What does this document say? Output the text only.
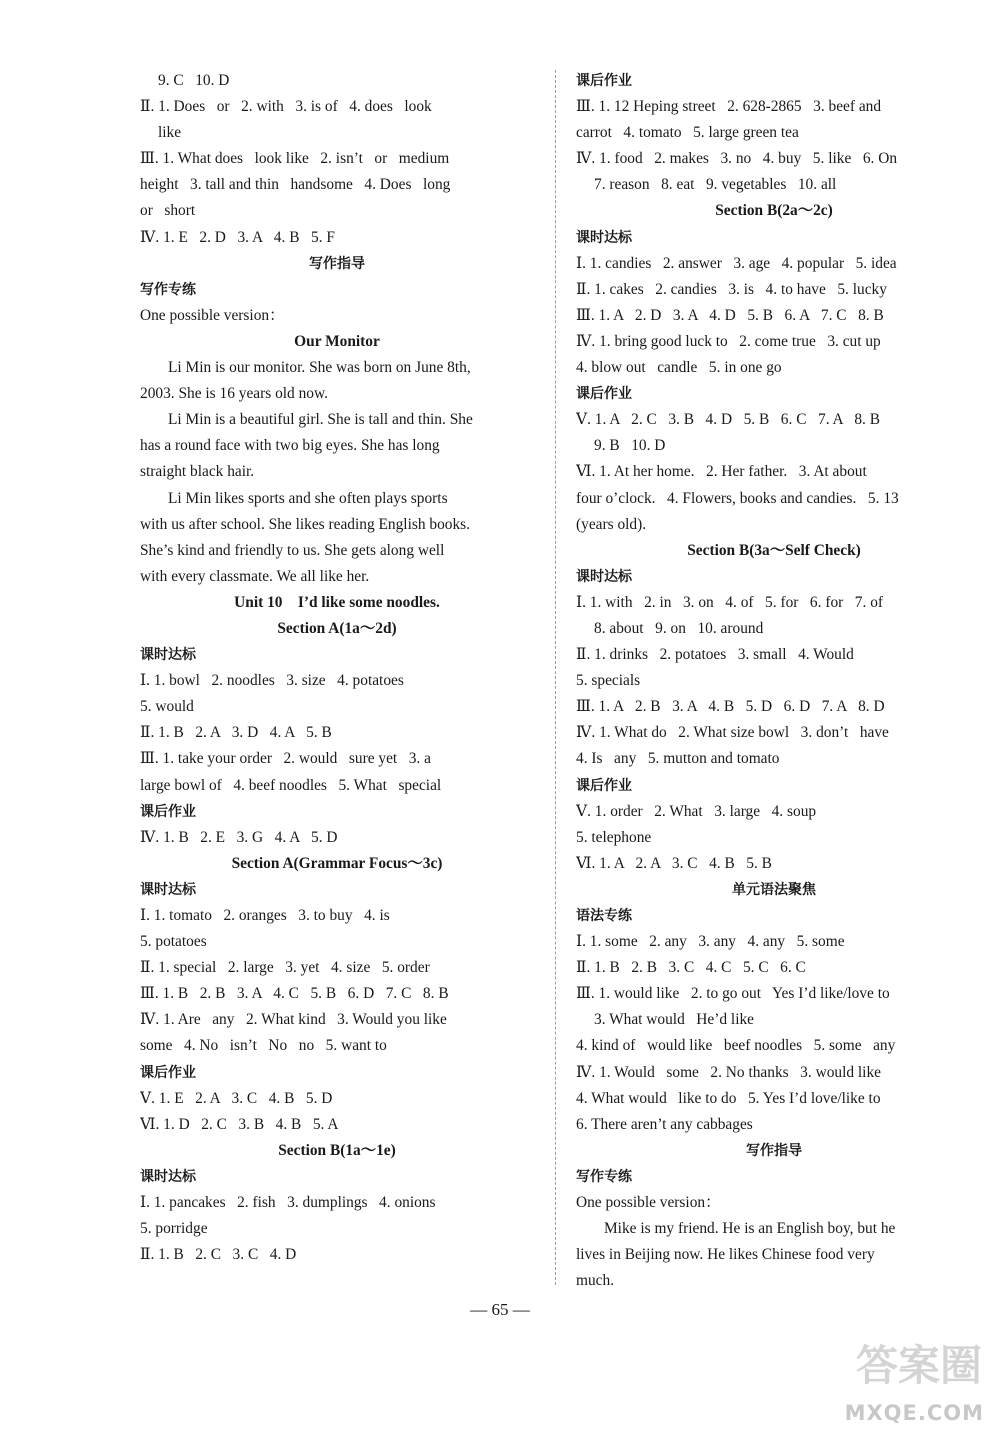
9. C   10. D
Ⅱ. 1. Does   or   2. with   3. is of   4. does   look
like
Ⅲ. 1. What does   look like   2. isn’t   or   medium
height   3. tall and thin   handsome   4. Does   long
or   short
Ⅳ. 1. E   2. D   3. A   4. B   5. F
写作指导
写作专练
One possible version：
Our Monitor
Li Min is our monitor. She was born on June 8th,
2003. She is 16 years old now.
Li Min is a beautiful girl. She is tall and thin. She
has a round face with two big eyes. She has long
straight black hair.
Li Min likes sports and she often plays sports
with us after school. She likes reading English books.
She’s kind and friendly to us. She gets along well
with every classmate. We all like her.
Unit 10    I’d like some noodles.
Section A(1a～2d)
课时达标
Ⅰ. 1. bowl   2. noodles   3. size   4. potatoes
5. would
Ⅱ. 1. B   2. A   3. D   4. A   5. B
Ⅲ. 1. take your order   2. would   sure yet   3. a
large bowl of   4. beef noodles   5. What   special
课后作业
Ⅳ. 1. B   2. E   3. G   4. A   5. D
Section A(Grammar Focus～3c)
课时达标
Ⅰ. 1. tomato   2. oranges   3. to buy   4. is
5. potatoes
Ⅱ. 1. special   2. large   3. yet   4. size   5. order
Ⅲ. 1. B   2. B   3. A   4. C   5. B   6. D   7. C   8. B
Ⅳ. 1. Are   any   2. What kind   3. Would you like
some   4. No   isn’t   No   no   5. want to
课后作业
Ⅴ. 1. E   2. A   3. C   4. B   5. D
Ⅵ. 1. D   2. C   3. B   4. B   5. A
Section B(1a～1e)
课时达标
Ⅰ. 1. pancakes   2. fish   3. dumplings   4. onions
5. porridge
Ⅱ. 1. B   2. C   3. C   4. D
课后作业
Ⅲ. 1. 12 Heping street   2. 628-2865   3. beef and
carrot   4. tomato   5. large green tea
Ⅳ. 1. food   2. makes   3. no   4. buy   5. like   6. On
7. reason   8. eat   9. vegetables   10. all
Section B(2a～2c)
课时达标
Ⅰ. 1. candies   2. answer   3. age   4. popular   5. idea
Ⅱ. 1. cakes   2. candies   3. is   4. to have   5. lucky
Ⅲ. 1. A   2. D   3. A   4. D   5. B   6. A   7. C   8. B
Ⅳ. 1. bring good luck to   2. come true   3. cut up
4. blow out   candle   5. in one go
课后作业
Ⅴ. 1. A   2. C   3. B   4. D   5. B   6. C   7. A   8. B
9. B   10. D
Ⅵ. 1. At her home.   2. Her father.   3. At about
four o’clock.   4. Flowers, books and candies.   5. 13
(years old).
Section B(3a～Self Check)
课时达标
Ⅰ. 1. with   2. in   3. on   4. of   5. for   6. for   7. of
8. about   9. on   10. around
Ⅱ. 1. drinks   2. potatoes   3. small   4. Would
5. specials
Ⅲ. 1. A   2. B   3. A   4. B   5. D   6. D   7. A   8. D
Ⅳ. 1. What do   2. What size bowl   3. don’t   have
4. Is   any   5. mutton and tomato
课后作业
Ⅴ. 1. order   2. What   3. large   4. soup
5. telephone
Ⅵ. 1. A   2. A   3. C   4. B   5. B
单元语法聚焦
语法专练
Ⅰ. 1. some   2. any   3. any   4. any   5. some
Ⅱ. 1. B   2. B   3. C   4. C   5. C   6. C
Ⅲ. 1. would like   2. to go out   Yes I’d like/love to
3. What would   He’d like
4. kind of   would like   beef noodles   5. some   any
Ⅳ. 1. Would   some   2. No thanks   3. would like
4. What would   like to do   5. Yes I’d love/like to
6. There aren’t any cabbages
写作指导
写作专练
One possible version：
Mike is my friend. He is an English boy, but he
lives in Beijing now. He likes Chinese food very
much.
— 65 —
答案圈
MXQE.COM
